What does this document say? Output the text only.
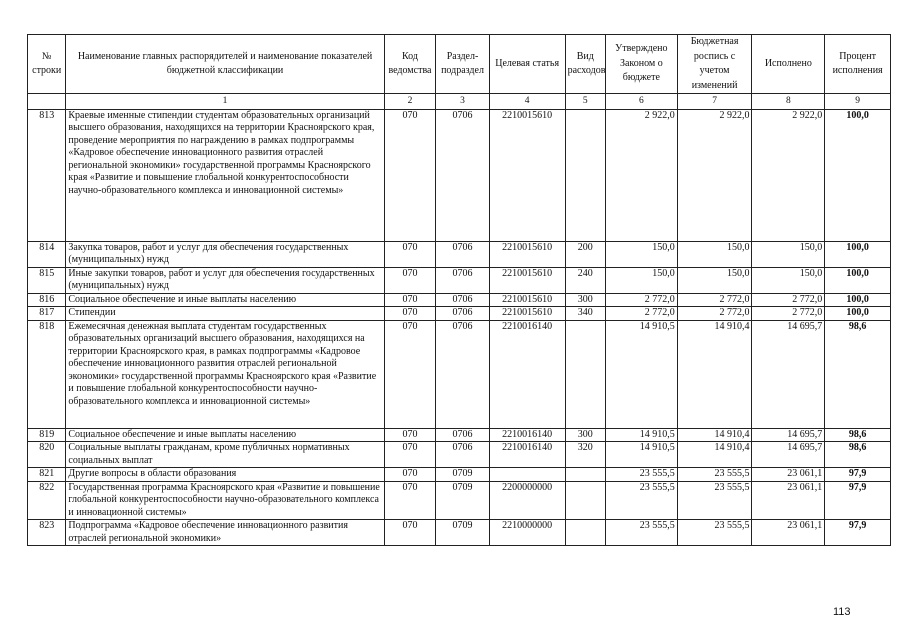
№ строки	Наименование главных распорядителей и наименование показателей бюджетной классификации	Код ведомства	Раздел-подраздел	Целевая статья	Вид расходов	Утверждено Законом о бюджете	Бюджетная роспись с учетом изменений	Исполнено	Процент исполнения
	1	2	3	4	5	6	7	8	9
813	Краевые именные стипендии студентам образовательных организаций высшего образования, находящихся на территории Красноярского края, проведение мероприятия по награждению в рамках подпрограммы «Кадровое обеспечение инновационного развития отраслей региональной экономики» государственной программы Красноярского края «Развитие и повышение глобальной конкурентоспособности научно-образовательного комплекса и инновационной системы»	070	0706	2210015610		2 922,0	2 922,0	2 922,0	100,0
814	Закупка товаров, работ и услуг для обеспечения государственных (муниципальных) нужд	070	0706	2210015610	200	150,0	150,0	150,0	100,0
815	Иные закупки товаров, работ и услуг для обеспечения государственных (муниципальных) нужд	070	0706	2210015610	240	150,0	150,0	150,0	100,0
816	Социальное обеспечение и иные выплаты населению	070	0706	2210015610	300	2 772,0	2 772,0	2 772,0	100,0
817	Стипендии	070	0706	2210015610	340	2 772,0	2 772,0	2 772,0	100,0
818	Ежемесячная денежная выплата студентам государственных образовательных организаций высшего образования, находящихся на территории Красноярского края, в рамках подпрограммы «Кадровое обеспечение инновационного развития отраслей региональной экономики» государственной программы Красноярского края «Развитие и повышение глобальной конкурентоспособности научно-образовательного комплекса и инновационной системы»	070	0706	2210016140		14 910,5	14 910,4	14 695,7	98,6
819	Социальное обеспечение и иные выплаты населению	070	0706	2210016140	300	14 910,5	14 910,4	14 695,7	98,6
820	Социальные выплаты гражданам, кроме публичных нормативных социальных выплат	070	0706	2210016140	320	14 910,5	14 910,4	14 695,7	98,6
821	Другие вопросы в области образования	070	0709			23 555,5	23 555,5	23 061,1	97,9
822	Государственная программа Красноярского края «Развитие и повышение глобальной конкурентоспособности научно-образовательного комплекса и инновационной системы»	070	0709	2200000000		23 555,5	23 555,5	23 061,1	97,9
823	Подпрограмма «Кадровое обеспечение инновационного развития отраслей региональной экономики»	070	0709	2210000000		23 555,5	23 555,5	23 061,1	97,9
113
